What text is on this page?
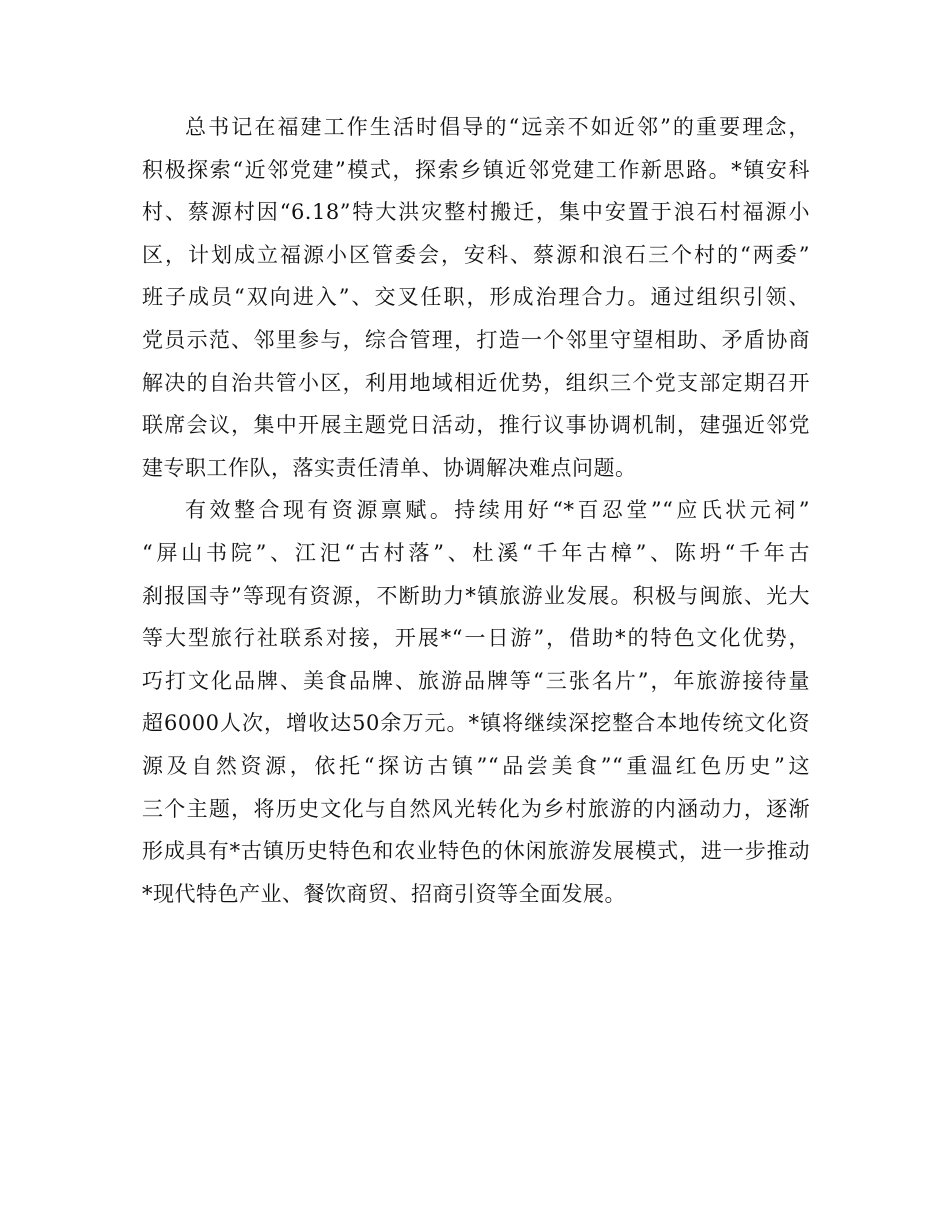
总书记在福建工作生活时倡导的“远亲不如近邻”的重要理念，
积极探索“近邻党建”模式，探索乡镇近邻党建工作新思路。*镇安科
村、蔡源村因“6.18”特大洪灾整村搬迁，集中安置于浪石村福源小
区，计划成立福源小区管委会，安科、蔡源和浪石三个村的“两委”
班子成员“双向进入”、交叉任职，形成治理合力。通过组织引领、
党员示范、邻里参与，综合管理，打造一个邻里守望相助、矛盾协商
解决的自治共管小区，利用地域相近优势，组织三个党支部定期召开
联席会议，集中开展主题党日活动，推行议事协调机制，建强近邻党
建专职工作队，落实责任清单、协调解决难点问题。
有效整合现有资源禀赋。持续用好“*百忍堂”“应氏状元祠”
“屏山书院”、江汜“古村落”、杜溪“千年古樟”、陈坍“千年古
刹报国寺”等现有资源，不断助力*镇旅游业发展。积极与闽旅、光大
等大型旅行社联系对接，开展*“一日游”，借助*的特色文化优势，
巧打文化品牌、美食品牌、旅游品牌等“三张名片”，年旅游接待量
超6000人次，增收达50余万元。*镇将继续深挖整合本地传统文化资
源及自然资源，依托“探访古镇”“品尝美食”“重温红色历史”这
三个主题，将历史文化与自然风光转化为乡村旅游的内涵动力，逐渐
形成具有*古镇历史特色和农业特色的休闲旅游发展模式，进一步推动
*现代特色产业、餐饮商贸、招商引资等全面发展。
